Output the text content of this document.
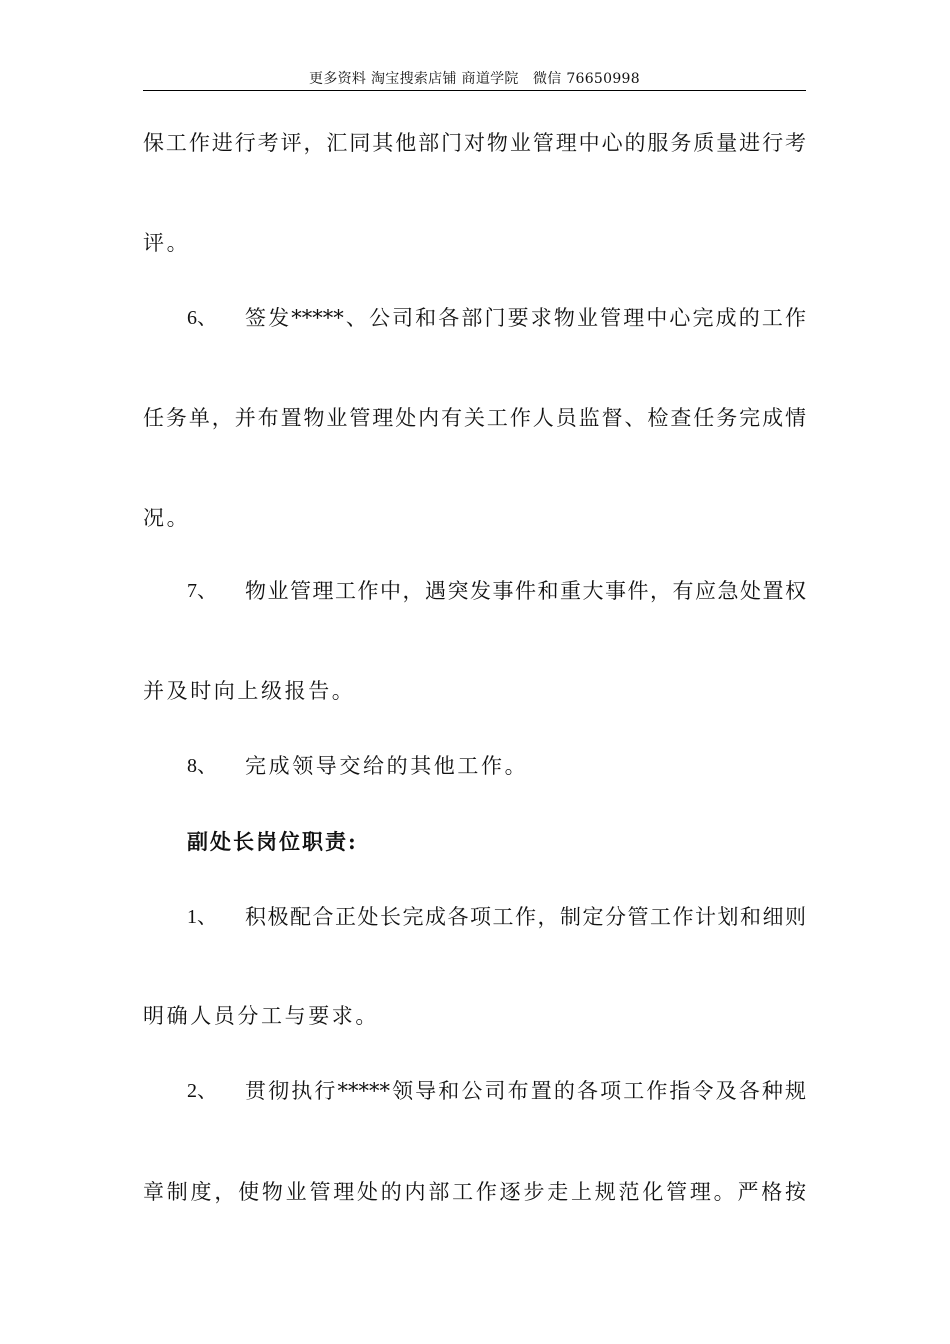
更多资料 淘宝搜索店铺 商道学院   微信 76650998
保工作进行考评，汇同其他部门对物业管理中心的服务质量进行考
评。
6、 签发*****、公司和各部门要求物业管理中心完成的工作
任务单，并布置物业管理处内有关工作人员监督、检查任务完成情
况。
7、 物业管理工作中，遇突发事件和重大事件，有应急处置权
并及时向上级报告。
8、 完成领导交给的其他工作。
副处长岗位职责:
1、 积极配合正处长完成各项工作，制定分管工作计划和细则
明确人员分工与要求。
2、 贯彻执行*****领导和公司布置的各项工作指令及各种规
章制度，使物业管理处的内部工作逐步走上规范化管理。严格按
